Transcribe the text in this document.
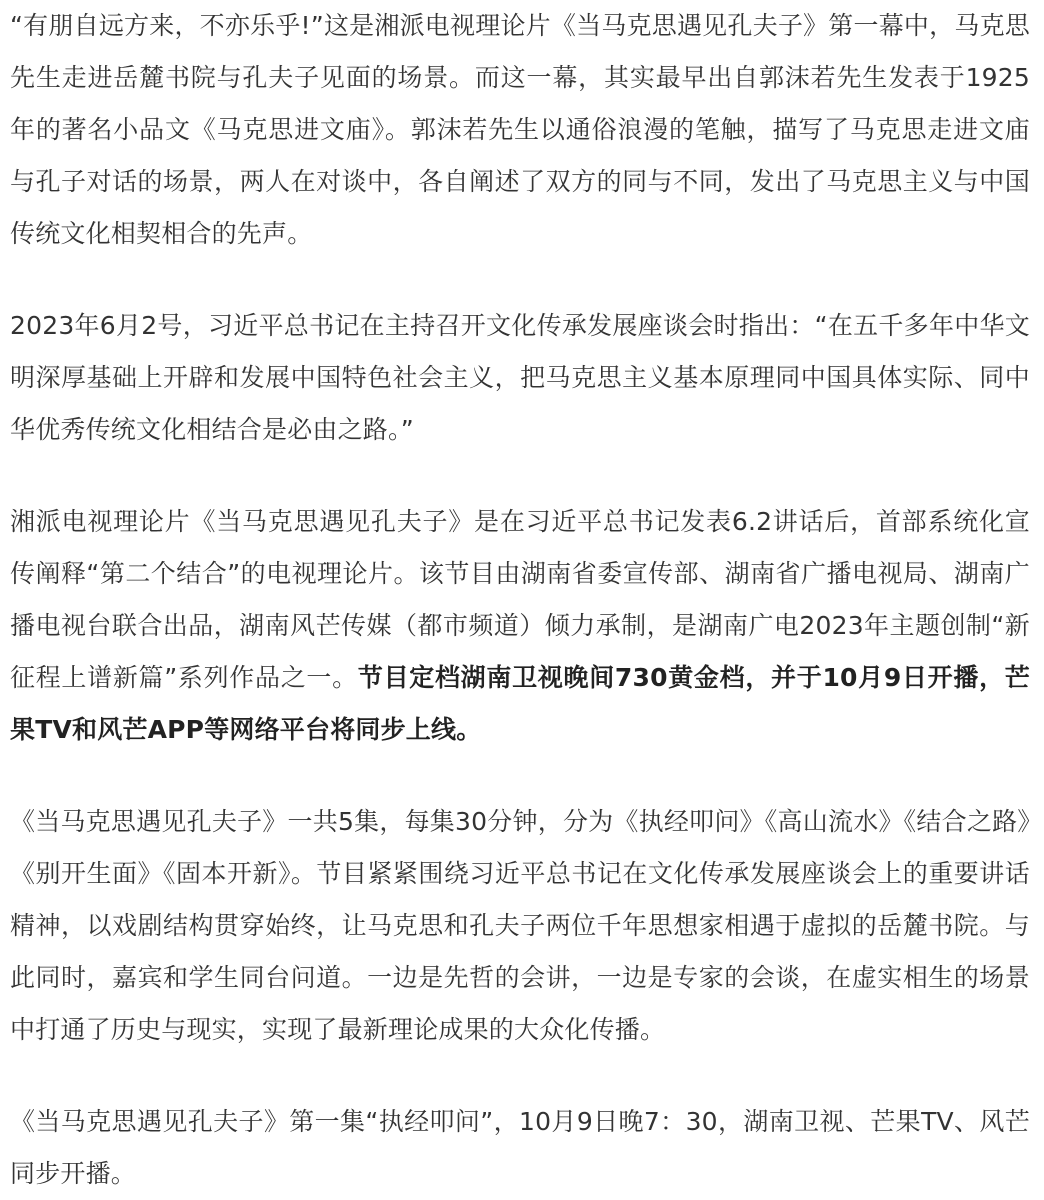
“有朋自远方来，不亦乐乎!”这是湘派电视理论片《当马克思遇见孔夫子》第一幕中，马克思先生走进岳麓书院与孔夫子见面的场景。而这一幕，其实最早出自郭沫若先生发表于1925年的著名小品文《马克思进文庙》。郭沫若先生以通俗浪漫的笔触，描写了马克思走进文庙与孔子对话的场景，两人在对谈中，各自阐述了双方的同与不同，发出了马克思主义与中国传统文化相契相合的先声。

2023年6月2号，习近平总书记在主持召开文化传承发展座谈会时指出：“在五千多年中华文明深厚基础上开辟和发展中国特色社会主义，把马克思主义基本原理同中国具体实际、同中华优秀传统文化相结合是必由之路。”

湘派电视理论片《当马克思遇见孔夫子》是在习近平总书记发表6.2讲话后，首部系统化宣传阐释“第二个结合”的电视理论片。该节目由湖南省委宣传部、湖南省广播电视局、湖南广播电视台联合出品，湖南风芒传媒（都市频道）倾力承制，是湖南广电2023年主题创制“新征程上谱新篇”系列作品之一。节目定档湖南卫视晚间730黄金档，并于10月9日开播，芒果TV和风芒APP等网络平台将同步上线。

《当马克思遇见孔夫子》一共5集，每集30分钟，分为《执经叩问》《高山流水》《结合之路》《别开生面》《固本开新》。节目紧紧围绕习近平总书记在文化传承发展座谈会上的重要讲话精神，以戏剧结构贯穿始终，让马克思和孔夫子两位千年思想家相遇于虚拟的岳麓书院。与此同时，嘉宾和学生同台问道。一边是先哲的会讲，一边是专家的会谈，在虚实相生的场景中打通了历史与现实，实现了最新理论成果的大众化传播。

《当马克思遇见孔夫子》第一集“执经叩问”，10月9日晚7：30，湖南卫视、芒果TV、风芒同步开播。
